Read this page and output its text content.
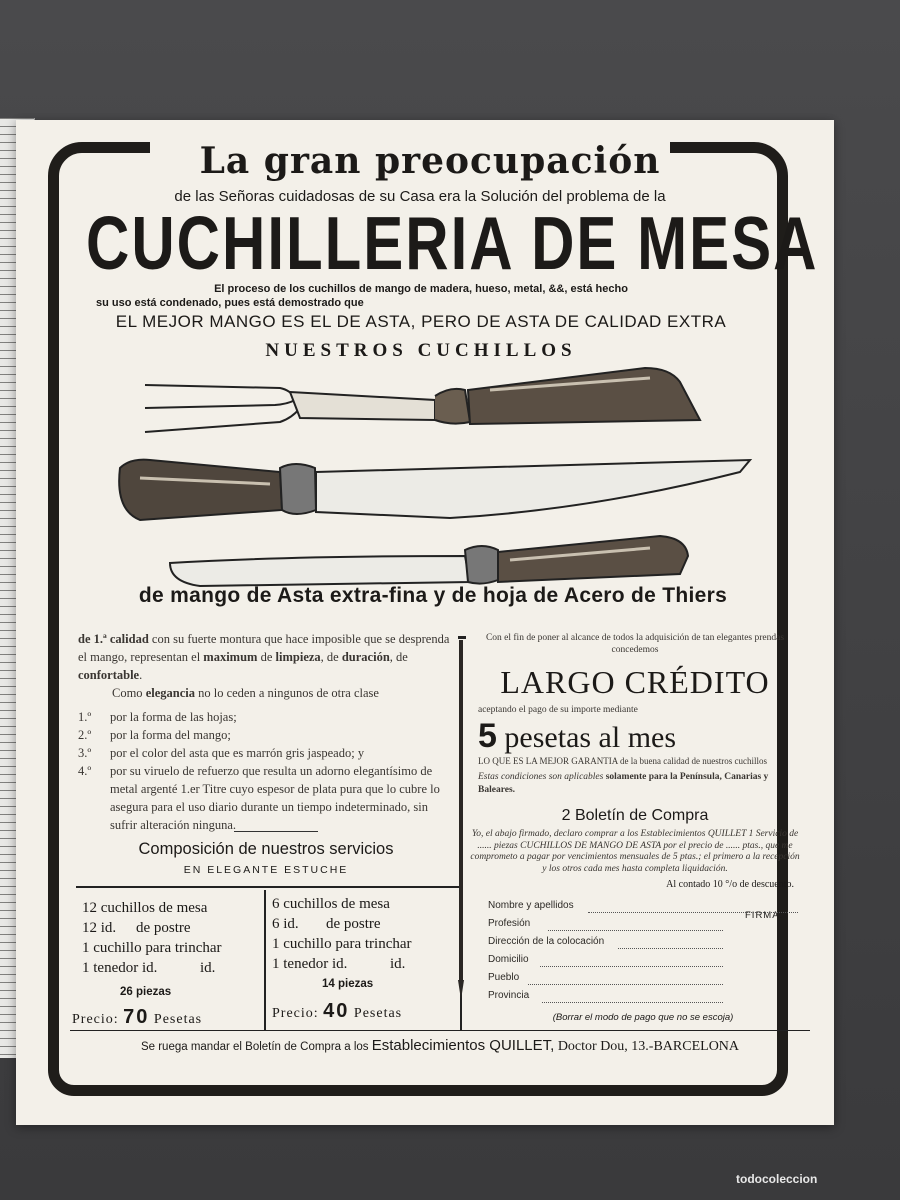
La gran preocupación
de las Señoras cuidadosas de su Casa era la Solución del problema de la
CUCHILLERIA DE MESA
El proceso de los cuchillos de mango de madera, hueso, metal, &&, está hecho
su uso está condenado, pues está demostrado que
EL MEJOR MANGO ES EL DE ASTA, PERO DE ASTA DE CALIDAD EXTRA
NUESTROS CUCHILLOS
de mango de Asta extra-fina y de hoja de Acero de Thiers

de 1.ª calidad con su fuerte montura que hace imposible que se desprenda el mango, representan el maximum de limpieza, de duración, de confortable.

Como elegancia no lo ceden a ningunos de otra clase

1.º	por la forma de las hojas;
2.º	por la forma del mango;
3.º	por el color del asta que es marrón gris jaspeado; y
4.º	por su viruelo de refuerzo que resulta un adorno elegantísimo de metal argenté 1.er Titre cuyo espesor de plata pura que lo cubre lo asegura para el uso diario durante un tiempo indeterminado, sin sufrir alteración ninguna.
Composición de nuestros servicios
EN ELEGANTE ESTUCHE
12 cuchillos de mesa
12 id. de postre
1 cuchillo para trinchar
1 tenedor id.	id.
26 piezas
Precio: 70 Pesetas
6 cuchillos de mesa
6 id. de postre
1 cuchillo para trinchar
1 tenedor id.	id.
14 piezas
Precio: 40 Pesetas
Con el fin de poner al alcance de todos la adquisición de tan elegantes prendas concedemos
LARGO CRÉDITO
aceptando el pago de su importe mediante
5 pesetas al mes
LO QUE ES LA MEJOR GARANTIA de la buena calidad de nuestros cuchillos
Estas condiciones son aplicables solamente para la Península, Canarias y Baleares.
2 Boletín de Compra
Yo, el abajo firmado, declaro comprar a los Establecimientos QUILLET 1 Servicio de ...... piezas CUCHILLOS DE MANGO DE ASTA por el precio de ...... ptas., que me comprometo a pagar por vencimientos mensuales de 5 ptas.; el primero a la recepción y los otros cada mes hasta completa liquidación.
Al contado 10 °/o de descuento.
FIRMA:
Nombre y apellidos
Profesión
Dirección de la colocación
Domicilio
Pueblo
Provincia
(Borrar el modo de pago que no se escoja)
Se ruega mandar el Boletín de Compra a los Establecimientos QUILLET, Doctor Dou, 13.-BARCELONA
todocoleccion
